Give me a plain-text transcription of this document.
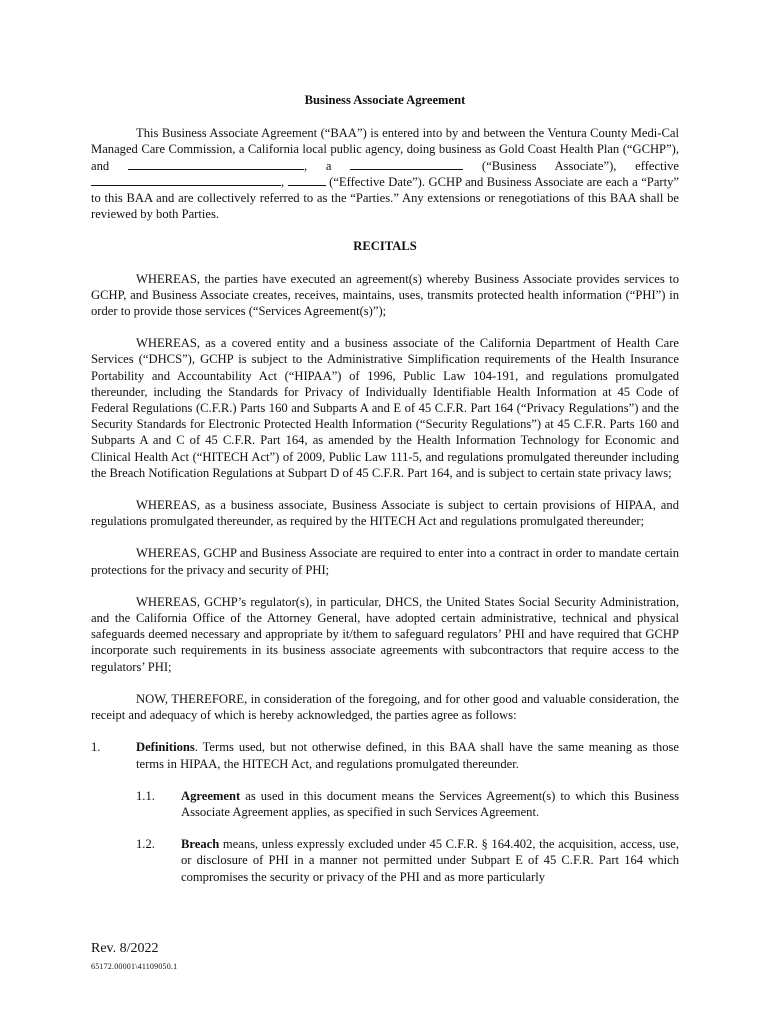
Business Associate Agreement

This Business Associate Agreement (“BAA”) is entered into by and between the Ventura County Medi-Cal Managed Care Commission, a California local public agency, doing business as Gold Coast Health Plan (“GCHP”), and	, a	(“Business Associate”), effective ,	(“Effective Date”). GCHP and Business Associate are each a “Party” to this BAA and are collectively referred to as the “Parties.” Any extensions or renegotiations of this BAA shall be reviewed by both Parties.

RECITALS

WHEREAS, the parties have executed an agreement(s) whereby Business Associate provides services to GCHP, and Business Associate creates, receives, maintains, uses, transmits protected health information (“PHI”) in order to provide those services (“Services Agreement(s)”);

WHEREAS, as a covered entity and a business associate of the California Department of Health Care Services (“DHCS”), GCHP is subject to the Administrative Simplification requirements of the Health Insurance Portability and Accountability Act (“HIPAA”) of 1996, Public Law 104-191, and regulations promulgated thereunder, including the Standards for Privacy of Individually Identifiable Health Information at 45 Code of Federal Regulations (C.F.R.) Parts 160 and Subparts A and E of 45 C.F.R. Part 164 (“Privacy Regulations”) and the Security Standards for Electronic Protected Health Information (“Security Regulations”) at 45 C.F.R. Parts 160 and Subparts A and C of 45 C.F.R. Part 164, as amended by the Health Information Technology for Economic and Clinical Health Act (“HITECH Act”) of 2009, Public Law 111-5, and regulations promulgated thereunder including the Breach Notification Regulations at Subpart D of 45 C.F.R. Part 164, and is subject to certain state privacy laws;

WHEREAS, as a business associate, Business Associate is subject to certain provisions of HIPAA, and regulations promulgated thereunder, as required by the HITECH Act and regulations promulgated thereunder;

WHEREAS, GCHP and Business Associate are required to enter into a contract in order to mandate certain protections for the privacy and security of PHI;

WHEREAS, GCHP’s regulator(s), in particular, DHCS, the United States Social Security Administration, and the California Office of the Attorney General, have adopted certain administrative, technical and physical safeguards deemed necessary and appropriate by it/them to safeguard regulators’ PHI and have required that GCHP incorporate such requirements in its business associate agreements with subcontractors that require access to the regulators’ PHI;

NOW, THEREFORE, in consideration of the foregoing, and for other good and valuable consideration, the receipt and adequacy of which is hereby acknowledged, the parties agree as follows:

1.	Definitions. Terms used, but not otherwise defined, in this BAA shall have the same meaning as those terms in HIPAA, the HITECH Act, and regulations promulgated thereunder.
1.1. Agreement as used in this document means the Services Agreement(s) to which this Business Associate Agreement applies, as specified in such Services Agreement.
1.2. Breach means, unless expressly excluded under 45 C.F.R. § 164.402, the acquisition, access, use, or disclosure of PHI in a manner not permitted under Subpart E of 45 C.F.R. Part 164 which compromises the security or privacy of the PHI and as more particularly
Rev. 8/2022
65172.00001\41109050.1
